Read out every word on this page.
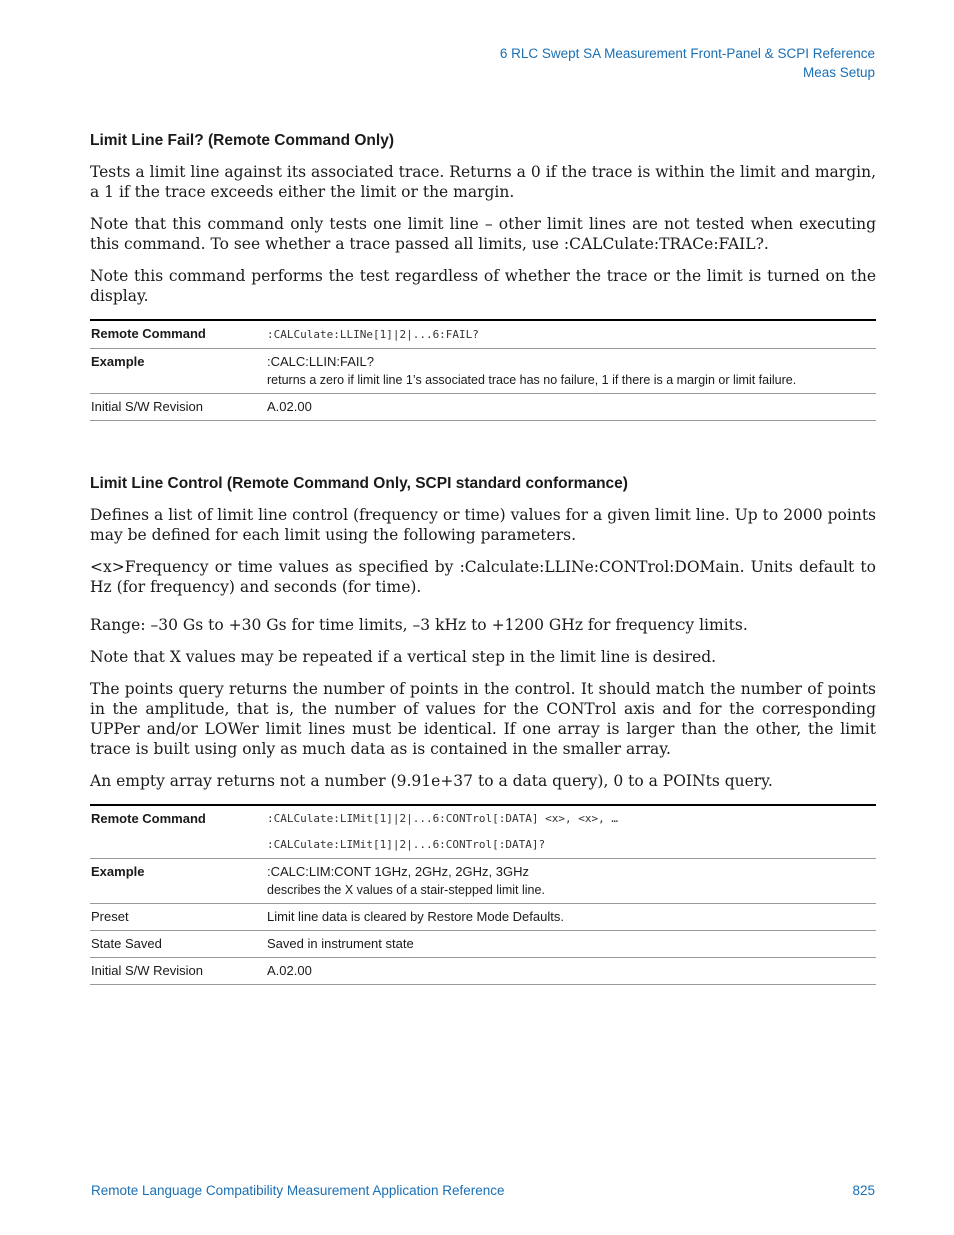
6 RLC Swept SA Measurement Front-Panel & SCPI Reference
Meas Setup
Limit Line Fail? (Remote Command Only)

Tests a limit line against its associated trace. Returns a 0 if the trace is within the limit and margin, a 1 if the trace exceeds either the limit or the margin.

Note that this command only tests one limit line – other limit lines are not tested when executing this command. To see whether a trace passed all limits, use :CALCulate:TRACe:FAIL?.

Note this command performs the test regardless of whether the trace or the limit is turned on the display.

Remote Command	:CALCulate:LLINe[1]|2|...6:FAIL?
Example	:CALC:LLIN:FAIL?
returns a zero if limit line 1’s associated trace has no failure, 1 if there is a margin or limit failure.

Initial S/W Revision	A.02.00
Limit Line Control (Remote Command Only, SCPI standard conformance)

Defines a list of limit line control (frequency or time) values for a given limit line. Up to 2000 points may be defined for each limit using the following parameters.

<x>Frequency or time values as specified by :Calculate:LLINe:CONTrol:DOMain. Units default to Hz (for frequency) and seconds (for time).

Range: –30 Gs to +30 Gs for time limits, –3 kHz to +1200 GHz for frequency limits.

Note that X values may be repeated if a vertical step in the limit line is desired.

The points query returns the number of points in the control. It should match the number of points in the amplitude, that is, the number of values for the CONTrol axis and for the corresponding UPPer and/or LOWer limit lines must be identical. If one array is larger than the other, the limit trace is built using only as much data as is contained in the smaller array.

An empty array returns not a number (9.91e+37 to a data query), 0 to a POINts query.

Remote Command	:CALCulate:LIMit[1]|2|...6:CONTrol[:DATA] <x>, <x>, …
:CALCulate:LIMit[1]|2|...6:CONTrol[:DATA]?

Example	:CALC:LIM:CONT 1GHz, 2GHz, 2GHz, 3GHz
describes the X values of a stair-stepped limit line.

Preset	Limit line data is cleared by Restore Mode Defaults.
State Saved	Saved in instrument state
Initial S/W Revision	A.02.00
Remote Language Compatibility Measurement Application Reference	825
